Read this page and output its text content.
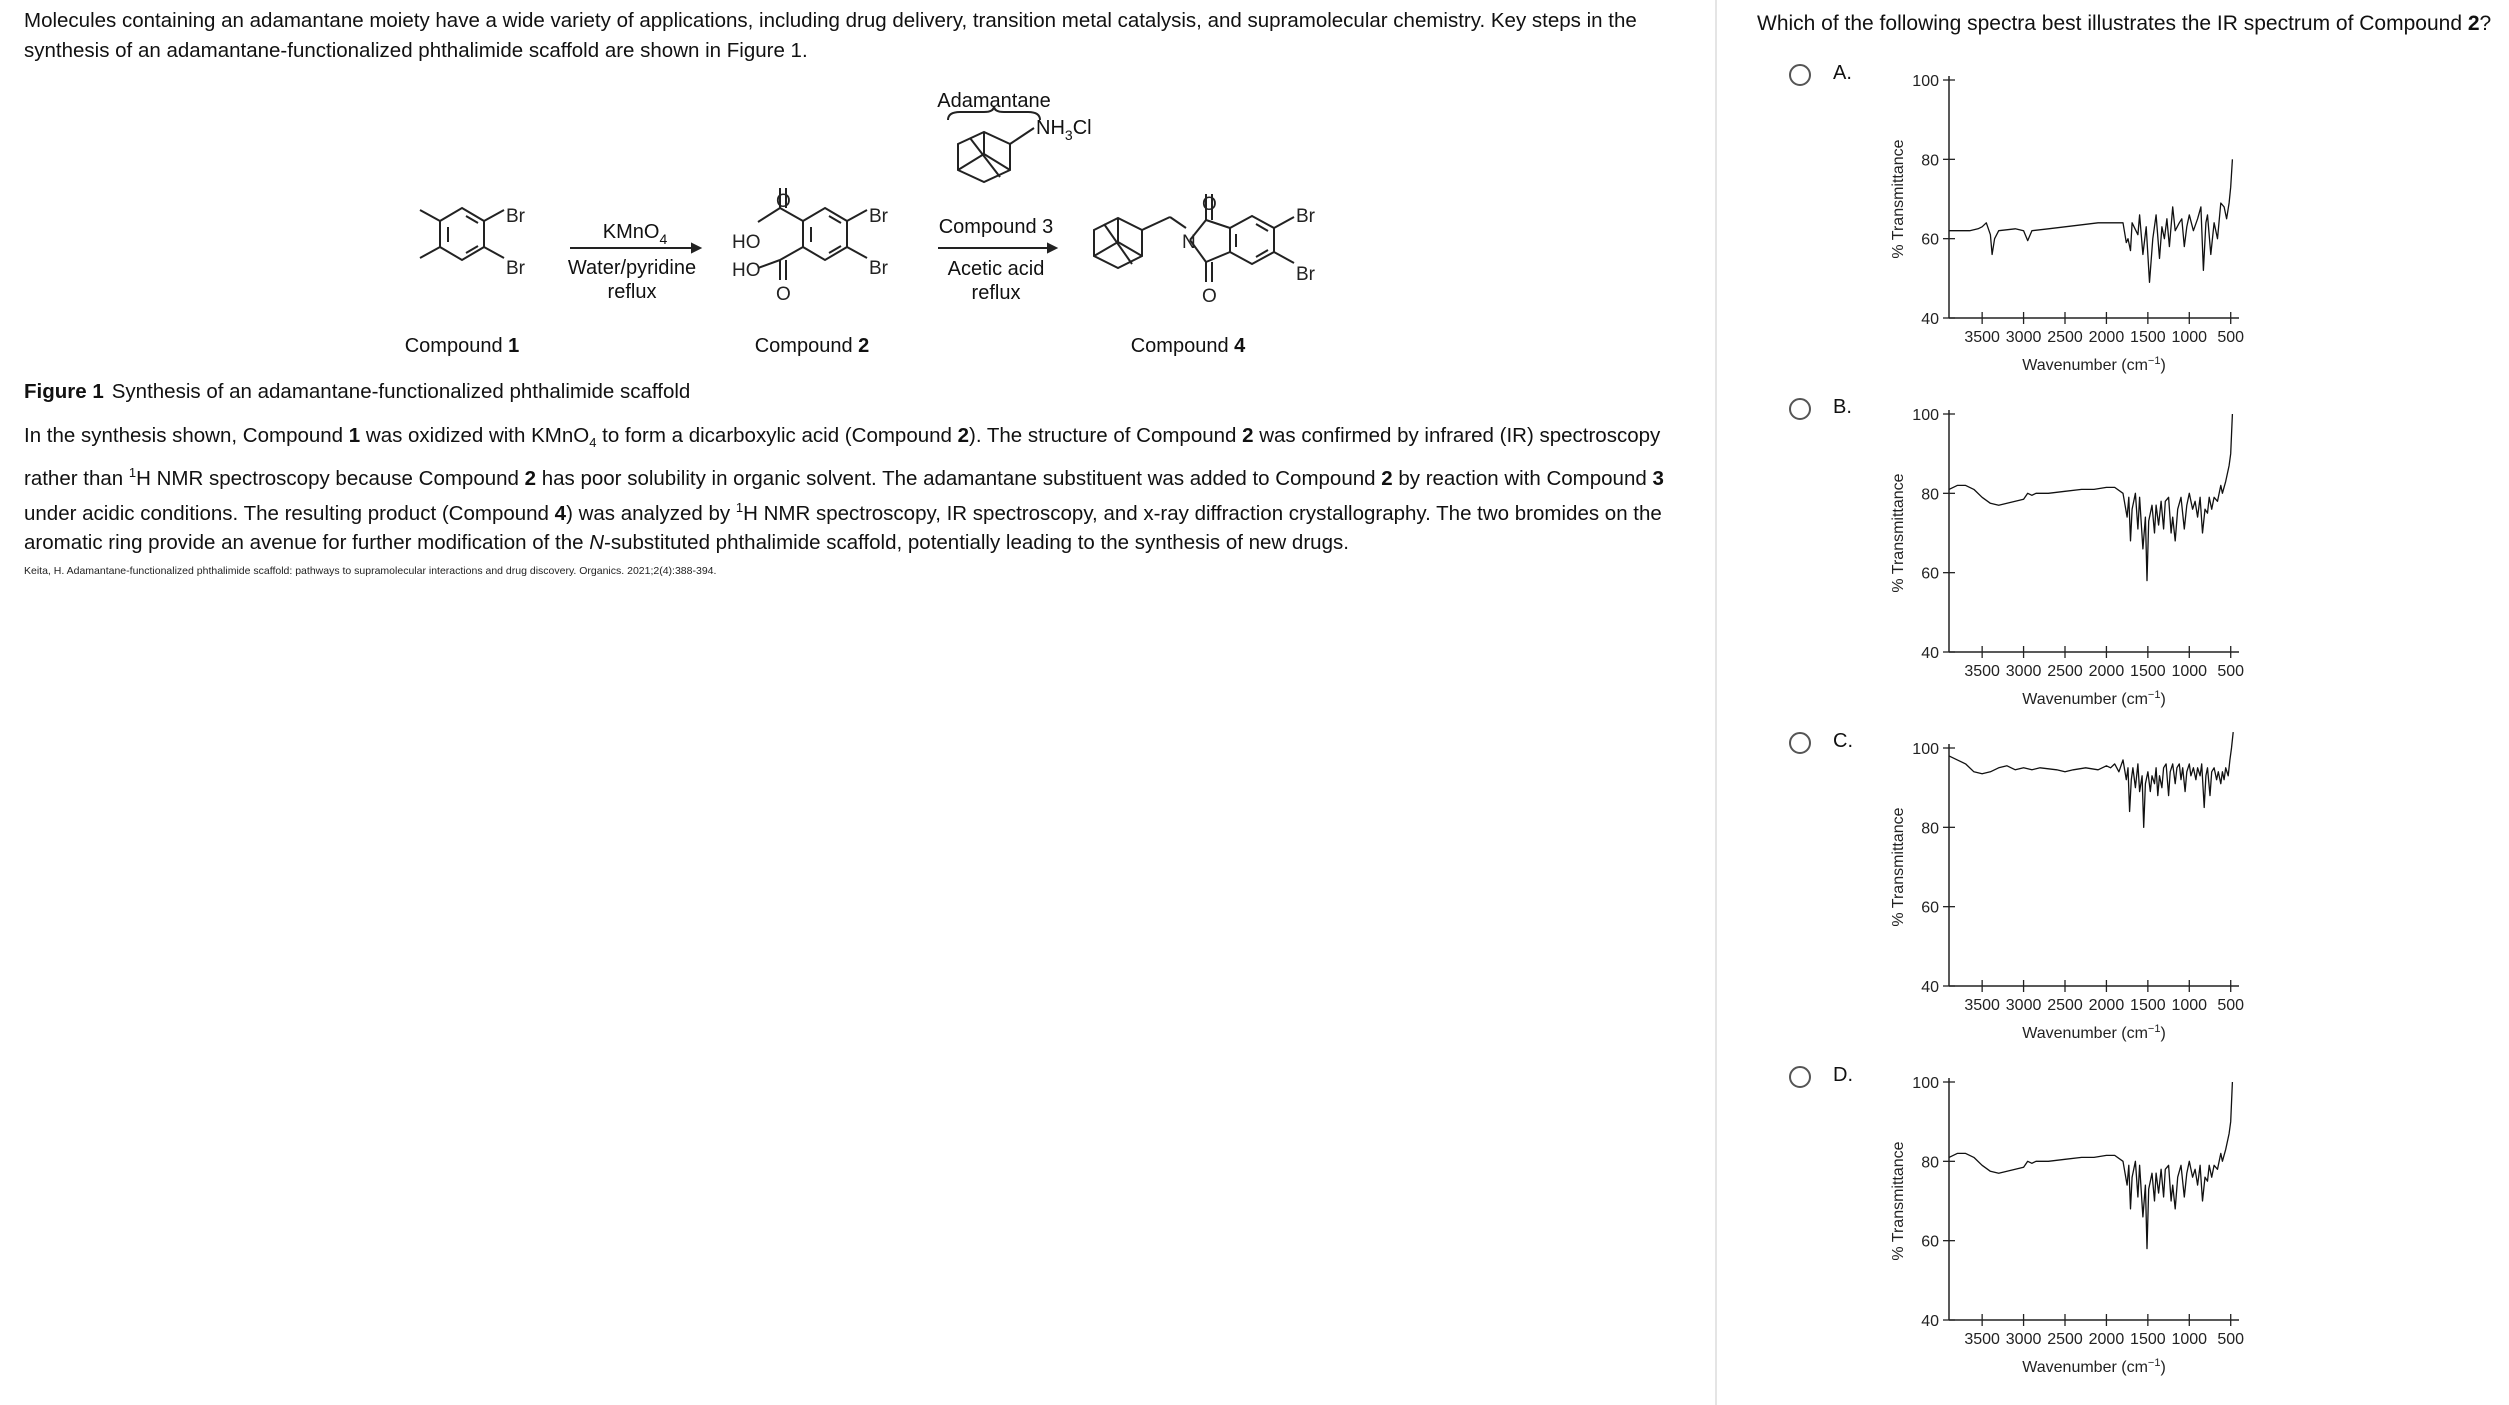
Molecules containing an adamantane moiety have a wide variety of applications, including drug delivery, transition metal catalysis, and supramolecular chemistry. Key steps in the synthesis of an adamantane-functionalized phthalimide scaffold are shown in Figure 1.

Br
Br
Br
Br
O
O
HO
HO
N
O
O
Br
Br
Adamantane
$NH_3Cl$
KMnO$_4$
Water/pyridine
reflux
Compound 3
Acetic acid
reflux
Compound 1	Compound 2	Compound 4

Figure 1 Synthesis of an adamantane-functionalized phthalimide scaffold

In the synthesis shown, Compound 1 was oxidized with KMnO$_4$ to form a dicarboxylic acid (Compound 2). The structure of Compound 2 was confirmed by infrared (IR) spectroscopy rather than $^1$H NMR spectroscopy because Compound 2 has poor solubility in organic solvent. The adamantane substituent was added to Compound 2 by reaction with Compound 3 under acidic conditions. The resulting product (Compound 4) was analyzed by $^1$H NMR spectroscopy, IR spectroscopy, and x-ray diffraction crystallography. The two bromides on the aromatic ring provide an avenue for further modification of the N-substituted phthalimide scaffold, potentially leading to the synthesis of new drugs.

Keita, H. Adamantane-functionalized phthalimide scaffold: pathways to supramolecular interactions and drug discovery. Organics. 2021;2(4):388-394.

Which of the following spectra best illustrates the IR spectrum of Compound 2?

A.	100
80
60
40
3500 3000 2500 2000 1500 1000 500
% Transmittance
Wavenumber $(cm^{-1})$
B.	100
80
60
40
3500 3000 2500 2000 1500 1000 500
% Transmittance
Wavenumber $(cm^{-1})$
C.	100
80
60
40
3500 3000 2500 2000 1500 1000 500
% Transmittance
Wavenumber $(cm^{-1})$
D.	100
80
60
40
3500 3000 2500 2000 1500 1000 500
% Transmittance
Wavenumber $(cm^{-1})$
